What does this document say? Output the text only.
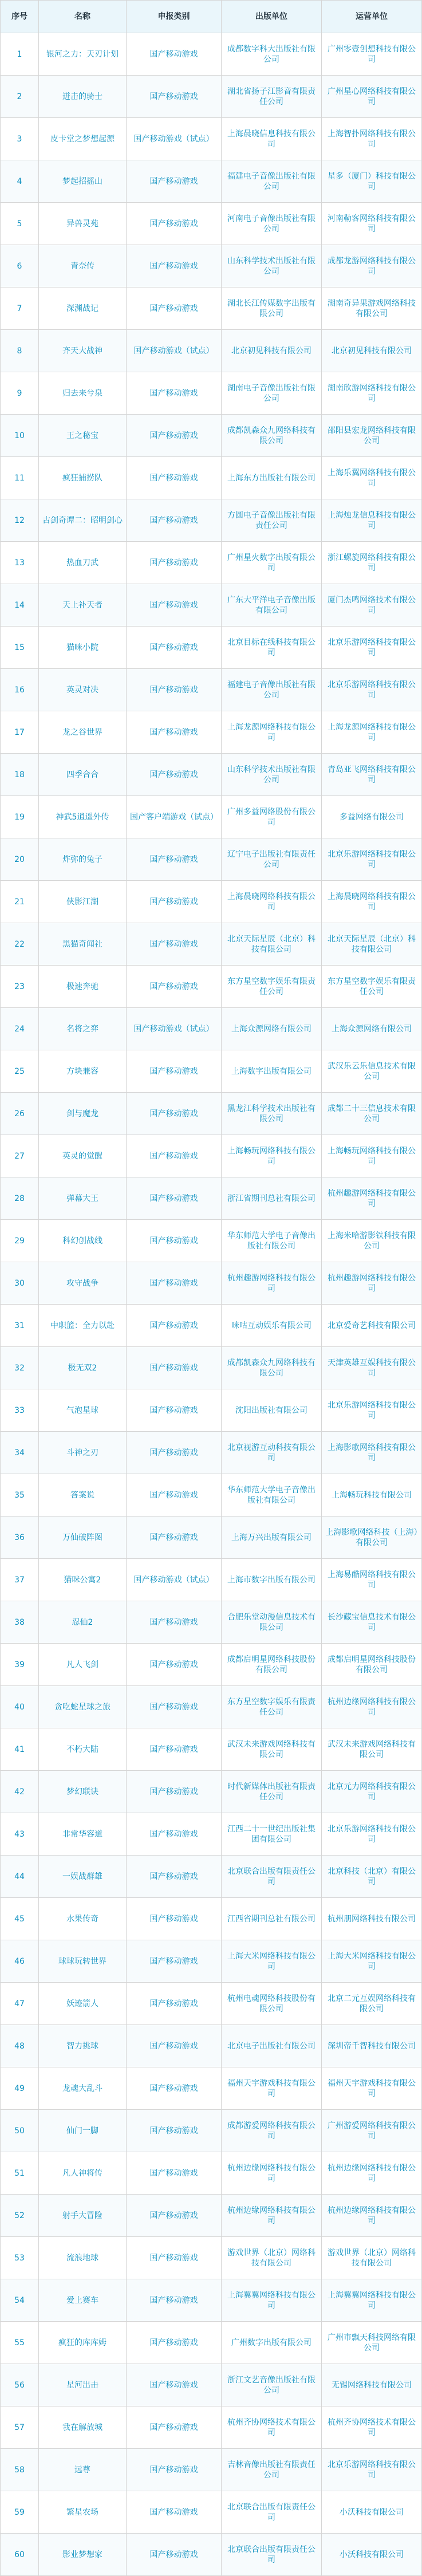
序号	名称	申报类别	出版单位	运营单位
1	银河之力：天刃计划	国产移动游戏	成都数字科大出版社有限公司	广州零壹创想科技有限公司
2	迸击的骑士	国产移动游戏	湖北省扬子江影音有限责任公司	广州星心网络科技有限公司
3	皮卡堂之梦想起源	国产移动游戏（试点）	上海晨晓信息科技有限公司	上海智扑网络科技有限公司
4	梦起招摇山	国产移动游戏	福建电子音像出版社有限公司	星多（厦门）科技有限公司
5	异兽灵苑	国产移动游戏	河南电子音像出版社有限公司	河南勒客网络科技有限公司
6	青奈传	国产移动游戏	山东科学技术出版社有限公司	成都龙游网络科技有限公司
7	深渊战记	国产移动游戏	湖北长江传媒数字出版有限公司	湖南奇异果游戏网络科技有限公司
8	齐天大战神	国产移动游戏（试点）	北京初见科技有限公司	北京初见科技有限公司
9	归去来兮泉	国产移动游戏	湖南电子音像出版社有限公司	湖南欣游网络科技有限公司
10	王之秘宝	国产移动游戏	成都凯森众九网络科技有限公司	邵阳县宏龙网络科技有限公司
11	疯狂捕捞队	国产移动游戏	上海东方出版社有限公司	上海乐翼网络科技有限公司
12	古剑奇谭二：昭明剑心	国产移动游戏	方圆电子音像出版社有限责任公司	上海烛龙信息科技有限公司
13	热血刀武	国产移动游戏	广州星火数字出版有限公司	浙江螺旋网络科技有限公司
14	天上补天者	国产移动游戏	广东大平洋电子音像出版有限公司	厦门杰鸣网络技术有限公司
15	猫咪小院	国产移动游戏	北京目标在线科技有限公司	北京乐游网络科技有限公司
16	英灵对决	国产移动游戏	福建电子音像出版社有限公司	北京乐游网络科技有限公司
17	龙之谷世界	国产移动游戏	上海龙源网络科技有限公司	上海龙源网络科技有限公司
18	四季合合	国产移动游戏	山东科学技术出版社有限公司	青岛亚飞网络科技有限公司
19	神武5逍遥外传	国产客户端游戏（试点）	广州多益网络股份有限公司	多益网络有限公司
20	炸弥的兔子	国产移动游戏	辽宁电子出版社有限责任公司	北京乐游网络科技有限公司
21	侠影江湖	国产移动游戏	上海晨晓网络科技有限公司	上海晨晓网络科技有限公司
22	黑猫奇闻社	国产移动游戏	北京天际星辰（北京）科技有限公司	北京天际星辰（北京）科技有限公司
23	极速奔驰	国产移动游戏	东方星空数字娱乐有限责任公司	东方星空数字娱乐有限责任公司
24	名将之弈	国产移动游戏（试点）	上海众源网络有限公司	上海众源网络有限公司
25	方块兼容	国产移动游戏	上海数字出版有限公司	武汉乐云乐信息技术有限公司
26	剑与魔龙	国产移动游戏	黑龙江科学技术出版社有限公司	成都二十三信息技术有限公司
27	英灵的觉醒	国产移动游戏	上海畅玩网络科技有限公司	上海畅玩网络科技有限公司
28	弹幕大王	国产移动游戏	浙江省期刊总社有限公司	杭州趣游网络科技有限公司
29	科幻创战线	国产移动游戏	华东师范大学电子音像出版社有限公司	上海米哈游影铁科技有限公司
30	攻守战争	国产移动游戏	杭州趣游网络科技有限公司	杭州趣游网络科技有限公司
31	中职篮：全力以赴	国产移动游戏	咪咕互动娱乐有限公司	北京爱奇艺科技有限公司
32	极无双2	国产移动游戏	成都凯森众九网络科技有限公司	天津英雄互娱科技有限公司
33	气泡星球	国产移动游戏	沈阳出版社有限公司	北京乐游网络科技有限公司
34	斗神之刃	国产移动游戏	北京视游互动科技有限公司	上海影歌网络科技有限公司
35	答案说	国产移动游戏	华东师范大学电子音像出版社有限公司	上海畅玩科技有限公司
36	万仙破阵图	国产移动游戏	上海万兴出版有限公司	上海影歌网络科技（上海）有限公司
37	猫咪公寓2	国产移动游戏（试点）	上海市数字出版有限公司	上海易酷网络科技有限公司
38	忍仙2	国产移动游戏	合肥乐堂动漫信息技术有限公司	长沙藏宝信息技术有限公司
39	凡人飞剑	国产移动游戏	成都启明星网络科技股份有限公司	成都启明星网络科技股份有限公司
40	贪吃蛇星球之旅	国产移动游戏	东方星空数字娱乐有限责任公司	杭州边缘网络科技有限公司
41	不朽大陆	国产移动游戏	武汉未来游戏网络科技有限公司	武汉未来游戏网络科技有限公司
42	梦幻联诀	国产移动游戏	时代新媒体出版社有限责任公司	北京元力网络科技有限公司
43	非常华容道	国产移动游戏	江西二十一世纪出版社集团有限公司	北京乐游网络科技有限公司
44	一娱战群雄	国产移动游戏	北京联合出版有限责任公司	北京科技（北京）有限公司
45	水果传奇	国产移动游戏	江西省期刊总社有限公司	杭州朋网络科技有限公司
46	球球玩转世界	国产移动游戏	上海大米网络科技有限公司	上海大米网络科技有限公司
47	妖迹箭人	国产移动游戏	杭州电魂网络科技股份有限公司	北京二元互娱网络科技有限公司
48	智力挑球	国产移动游戏	北京电子出版社有限公司	深圳帝千智科技有限公司
49	龙魂大乱斗	国产移动游戏	福州天宇游戏科技有限公司	福州天宇游戏科技有限公司
50	仙门一脚	国产移动游戏	成都游爱网络科技有限公司	广州游爱网络科技有限公司
51	凡人神将传	国产移动游戏	杭州边缘网络科技有限公司	杭州边缘网络科技有限公司
52	射手大冒险	国产移动游戏	杭州边缘网络科技有限公司	杭州边缘网络科技有限公司
53	流浪地球	国产移动游戏	游戏世界（北京）网络科技有限公司	游戏世界（北京）网络科技有限公司
54	爱上赛车	国产移动游戏	上海翼翼网络科技有限公司	上海翼翼网络科技有限公司
55	疯狂的库库姆	国产移动游戏	广州数字出版有限公司	广州市飘天科技网络有限公司
56	星河出击	国产移动游戏	浙江文艺音像出版社有限公司	无锡网络科技有限公司
57	我在解放城	国产移动游戏	杭州齐协网络技术有限公司	杭州齐协网络技术有限公司
58	远尊	国产移动游戏	吉林音像出版社有限责任公司	北京乐游网络科技有限公司
59	繁星农场	国产移动游戏	北京联合出版有限责任公司	小沃科技有限公司
60	影业梦想家	国产移动游戏	北京联合出版有限责任公司	小沃科技有限公司
